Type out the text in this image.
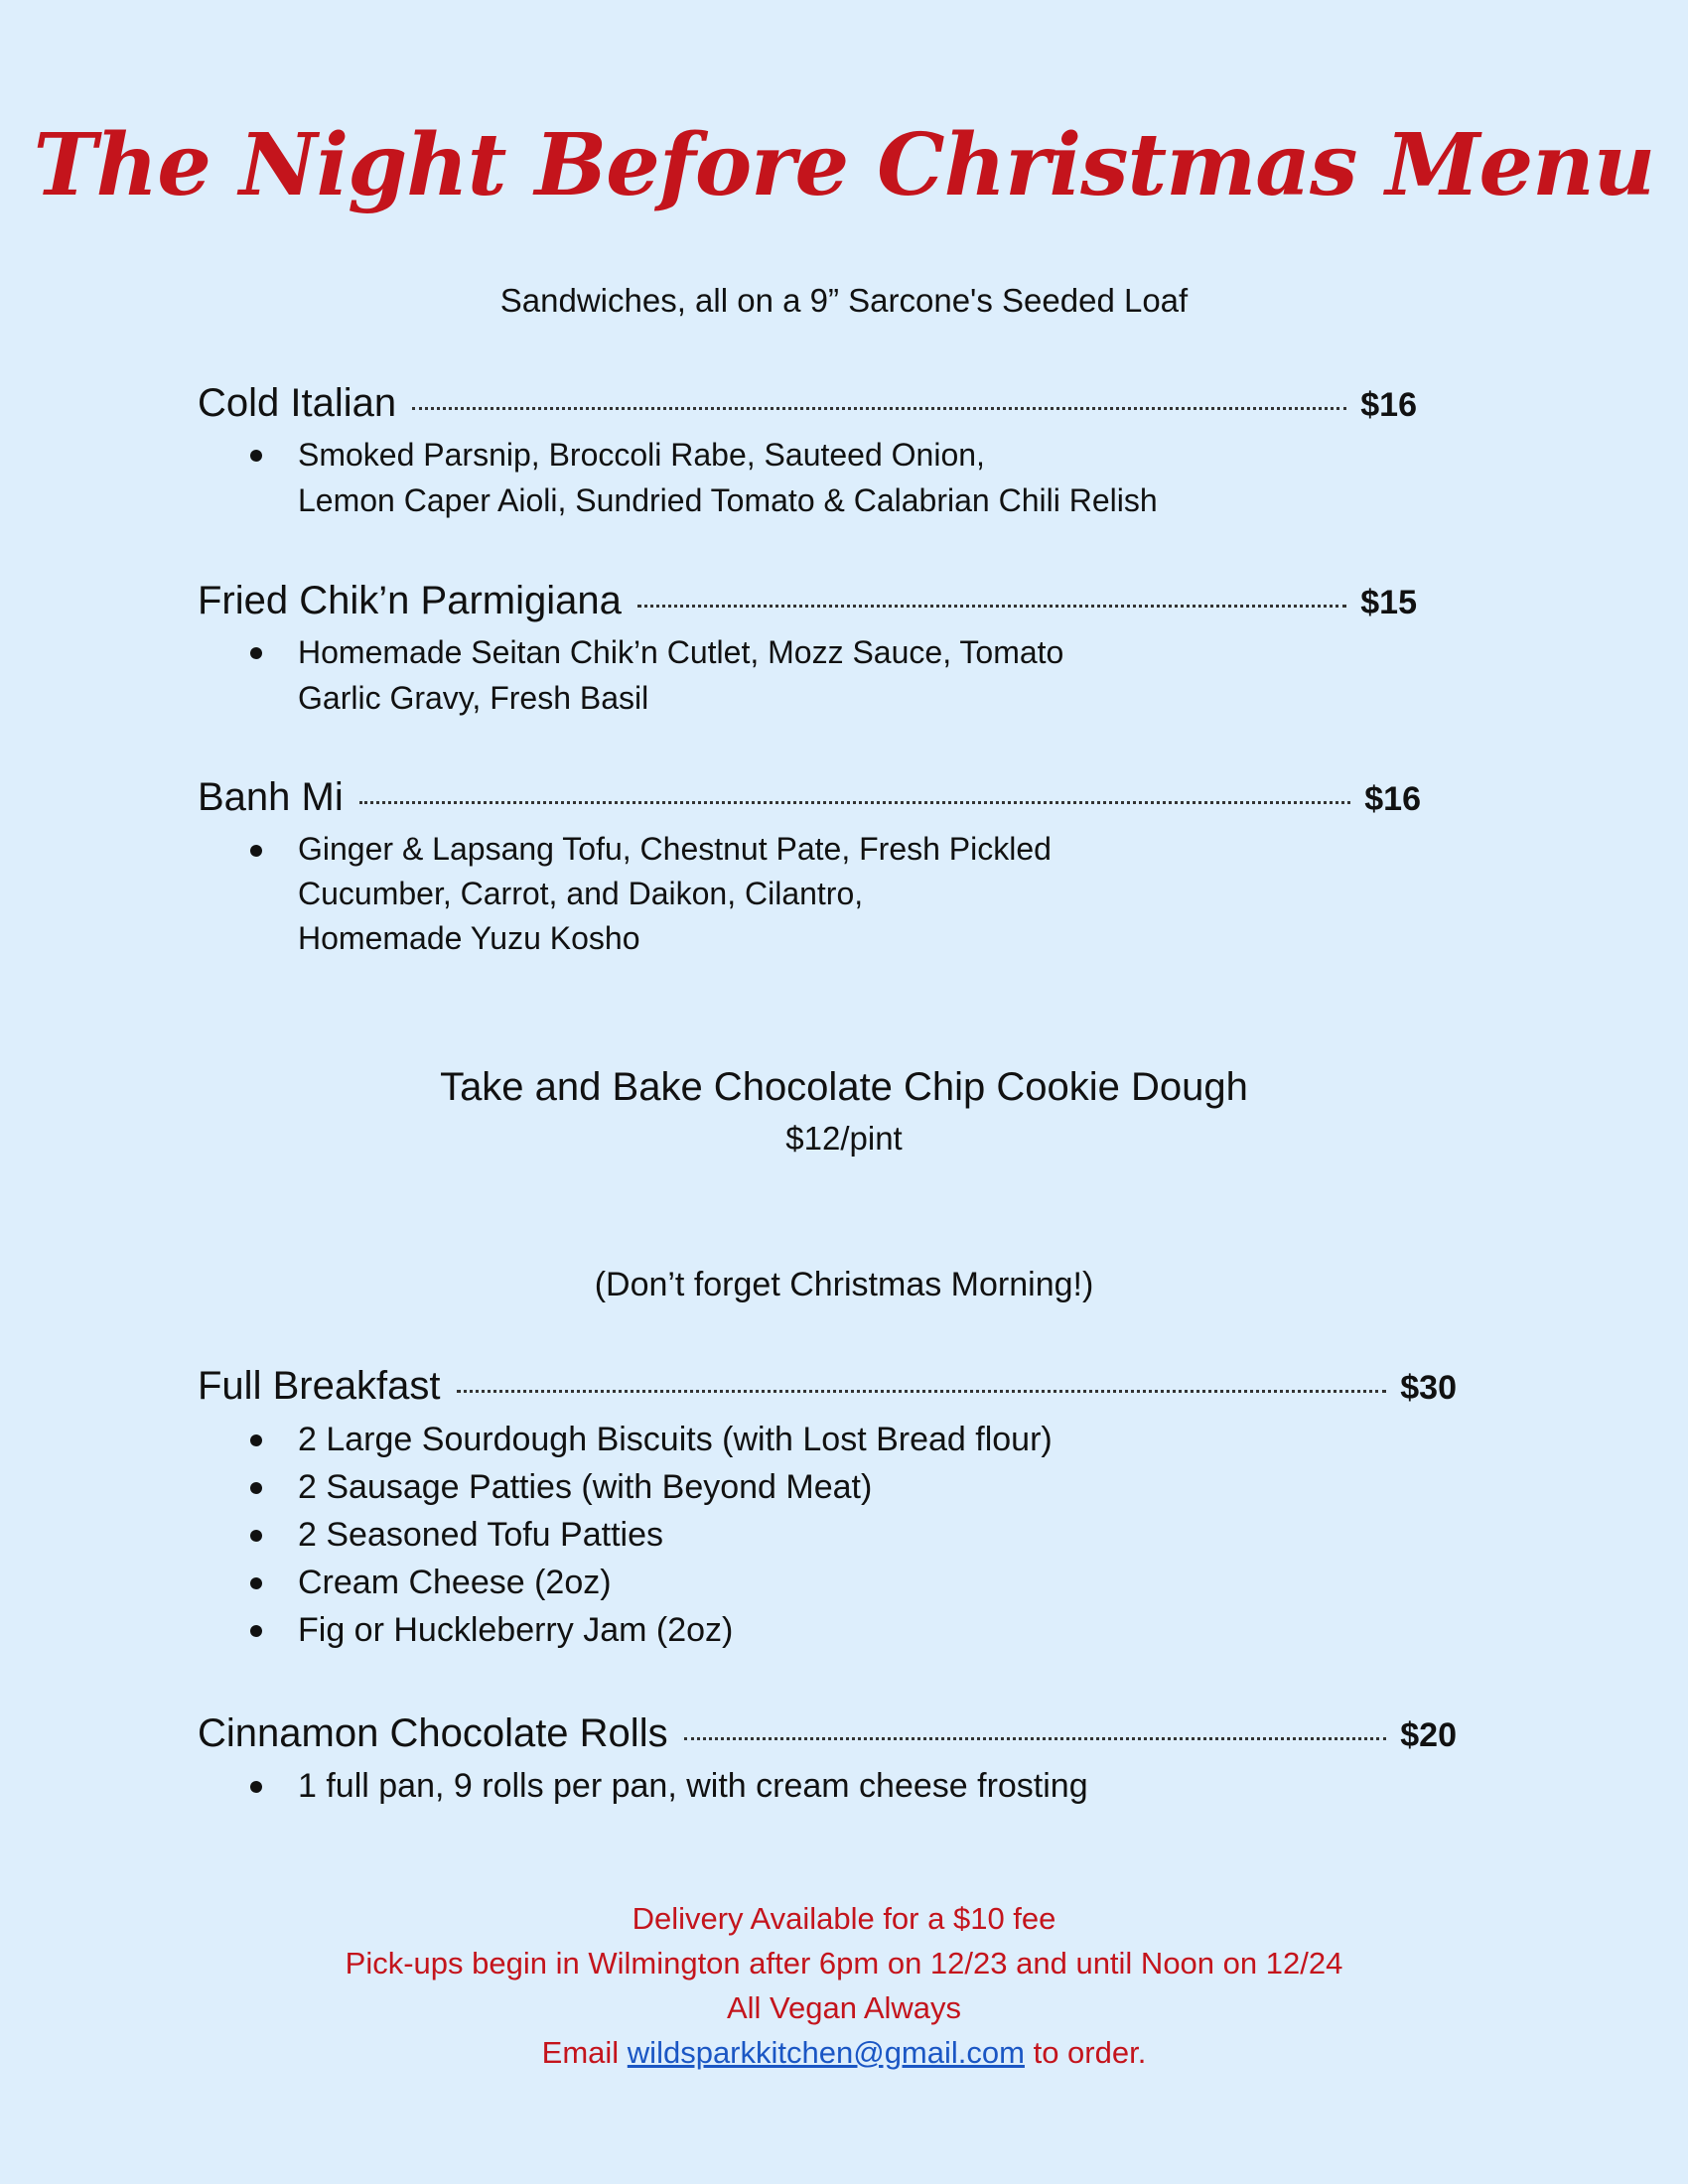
The Night Before Christmas Menu
Sandwiches, all on a 9” Sarcone's Seeded Loaf
Cold Italian	$16
Smoked Parsnip, Broccoli Rabe, Sauteed Onion,
Lemon Caper Aioli, Sundried Tomato & Calabrian Chili Relish
Fried Chik’n Parmigiana	$15
Homemade Seitan Chik’n Cutlet, Mozz Sauce, Tomato
Garlic Gravy, Fresh Basil
Banh Mi	$16
Ginger & Lapsang Tofu, Chestnut Pate, Fresh Pickled
Cucumber, Carrot, and Daikon, Cilantro,
Homemade Yuzu Kosho
Take and Bake Chocolate Chip Cookie Dough
$12/pint
(Don’t forget Christmas Morning!)
Full Breakfast	$30
2 Large Sourdough Biscuits (with Lost Bread flour)
2 Sausage Patties (with Beyond Meat)
2 Seasoned Tofu Patties
Cream Cheese (2oz)
Fig or Huckleberry Jam (2oz)
Cinnamon Chocolate Rolls	$20
1 full pan, 9 rolls per pan, with cream cheese frosting
Delivery Available for a $10 fee
Pick-ups begin in Wilmington after 6pm on 12/23 and until Noon on 12/24
All Vegan Always
Email wildsparkkitchen@gmail.com to order.
